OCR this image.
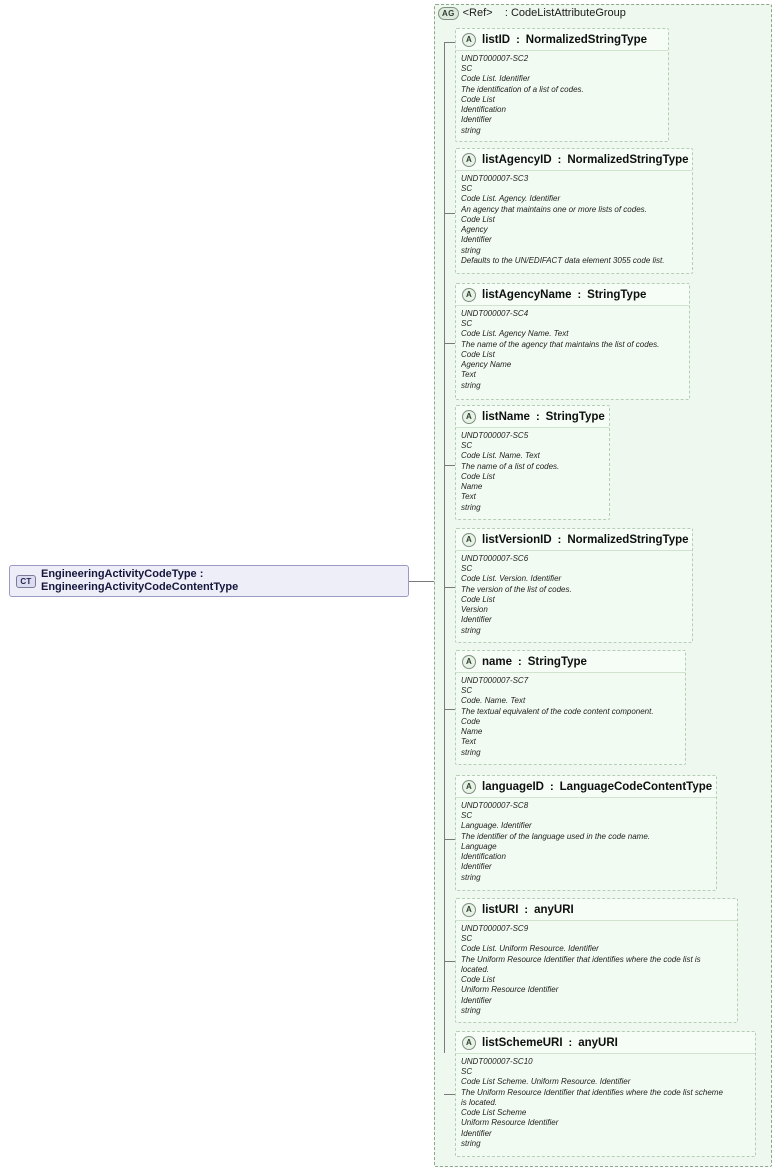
AG <Ref> : CodeListAttributeGroup
CT
EngineeringActivityCodeType : EngineeringActivityCodeContentType
A listID : NormalizedStringType
UNDT000007-SC2
SC
Code List. Identifier
The identification of a list of codes.
Code List
Identification
Identifier
string
A listAgencyID : NormalizedStringType
UNDT000007-SC3
SC
Code List. Agency. Identifier
An agency that maintains one or more lists of codes.
Code List
Agency
Identifier
string
Defaults to the UN/EDIFACT data element 3055 code list.
A listAgencyName : StringType
UNDT000007-SC4
SC
Code List. Agency Name. Text
The name of the agency that maintains the list of codes.
Code List
Agency Name
Text
string
A listName : StringType
UNDT000007-SC5
SC
Code List. Name. Text
The name of a list of codes.
Code List
Name
Text
string
A listVersionID : NormalizedStringType
UNDT000007-SC6
SC
Code List. Version. Identifier
The version of the list of codes.
Code List
Version
Identifier
string
A name : StringType
UNDT000007-SC7
SC
Code. Name. Text
The textual equivalent of the code content component.
Code
Name
Text
string
A languageID : LanguageCodeContentType
UNDT000007-SC8
SC
Language. Identifier
The identifier of the language used in the code name.
Language
Identification
Identifier
string
A listURI : anyURI
UNDT000007-SC9
SC
Code List. Uniform Resource. Identifier
The Uniform Resource Identifier that identifies where the code list is
located.
Code List
Uniform Resource Identifier
Identifier
string
A listSchemeURI : anyURI
UNDT000007-SC10
SC
Code List Scheme. Uniform Resource. Identifier
The Uniform Resource Identifier that identifies where the code list scheme
is located.
Code List Scheme
Uniform Resource Identifier
Identifier
string
